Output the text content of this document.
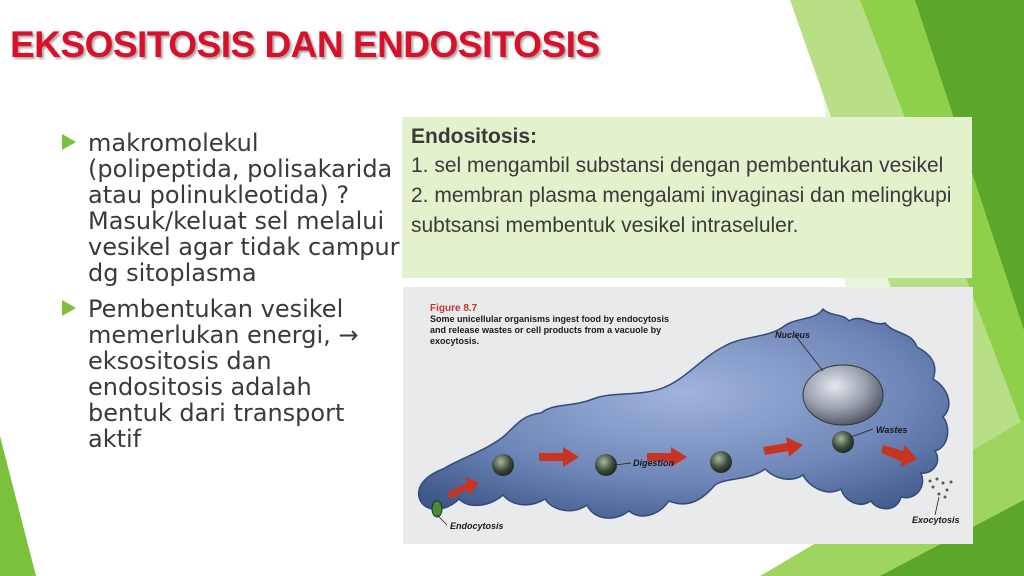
EKSOSITOSIS DAN ENDOSITOSIS
makromolekul (polipeptida, polisakarida atau polinukleotida) ? Masuk/keluat sel melalui vesikel agar tidak campur dg sitoplasma
Pembentukan vesikel memerlukan energi, → eksositosis dan endositosis adalah bentuk dari transport aktif
Endositosis:
1. sel mengambil substansi dengan pembentukan vesikel 2. membran plasma mengalami invaginasi dan melingkupi subtsansi membentuk vesikel intraseluler.
Figure 8.7
Some unicellular organisms ingest food by endocytosis and release wastes or cell products from a vacuole by exocytosis.
Nucleus
Wastes
Digestion
Endocytosis
Exocytosis
